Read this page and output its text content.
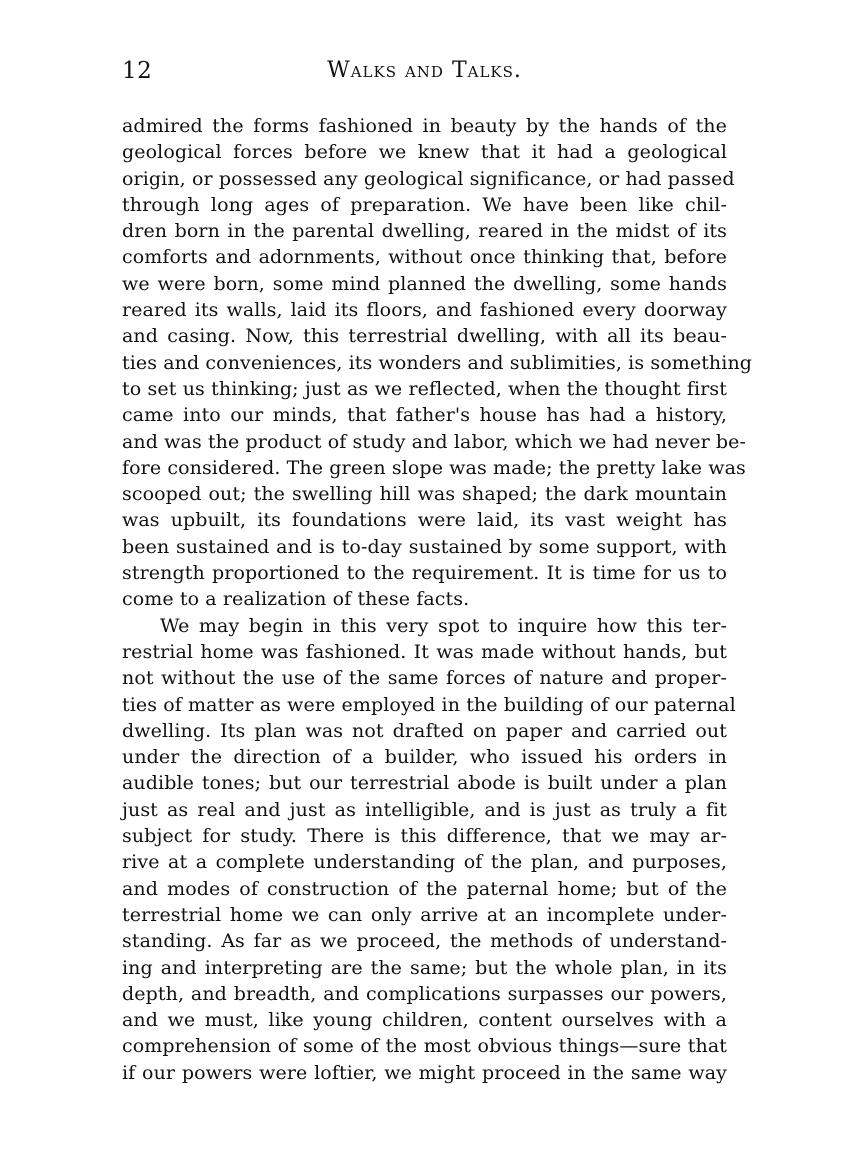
12	Walks and Talks.
admired the forms fashioned in beauty by the hands of the
geological forces before we knew that it had a geological
origin, or possessed any geological significance, or had passed
through long ages of preparation. We have been like chil-
dren born in the parental dwelling, reared in the midst of its
comforts and adornments, without once thinking that, before
we were born, some mind planned the dwelling, some hands
reared its walls, laid its floors, and fashioned every doorway
and casing. Now, this terrestrial dwelling, with all its beau-
ties and conveniences, its wonders and sublimities, is something
to set us thinking; just as we reflected, when the thought first
came into our minds, that father's house has had a history,
and was the product of study and labor, which we had never be-
fore considered. The green slope was made; the pretty lake was
scooped out; the swelling hill was shaped; the dark mountain
was upbuilt, its foundations were laid, its vast weight has
been sustained and is to-day sustained by some support, with
strength proportioned to the requirement. It is time for us to
come to a realization of these facts.
We may begin in this very spot to inquire how this ter-
restrial home was fashioned. It was made without hands, but
not without the use of the same forces of nature and proper-
ties of matter as were employed in the building of our paternal
dwelling. Its plan was not drafted on paper and carried out
under the direction of a builder, who issued his orders in
audible tones; but our terrestrial abode is built under a plan
just as real and just as intelligible, and is just as truly a fit
subject for study. There is this difference, that we may ar-
rive at a complete understanding of the plan, and purposes,
and modes of construction of the paternal home; but of the
terrestrial home we can only arrive at an incomplete under-
standing. As far as we proceed, the methods of understand-
ing and interpreting are the same; but the whole plan, in its
depth, and breadth, and complications surpasses our powers,
and we must, like young children, content ourselves with a
comprehension of some of the most obvious things—sure that
if our powers were loftier, we might proceed in the same way
